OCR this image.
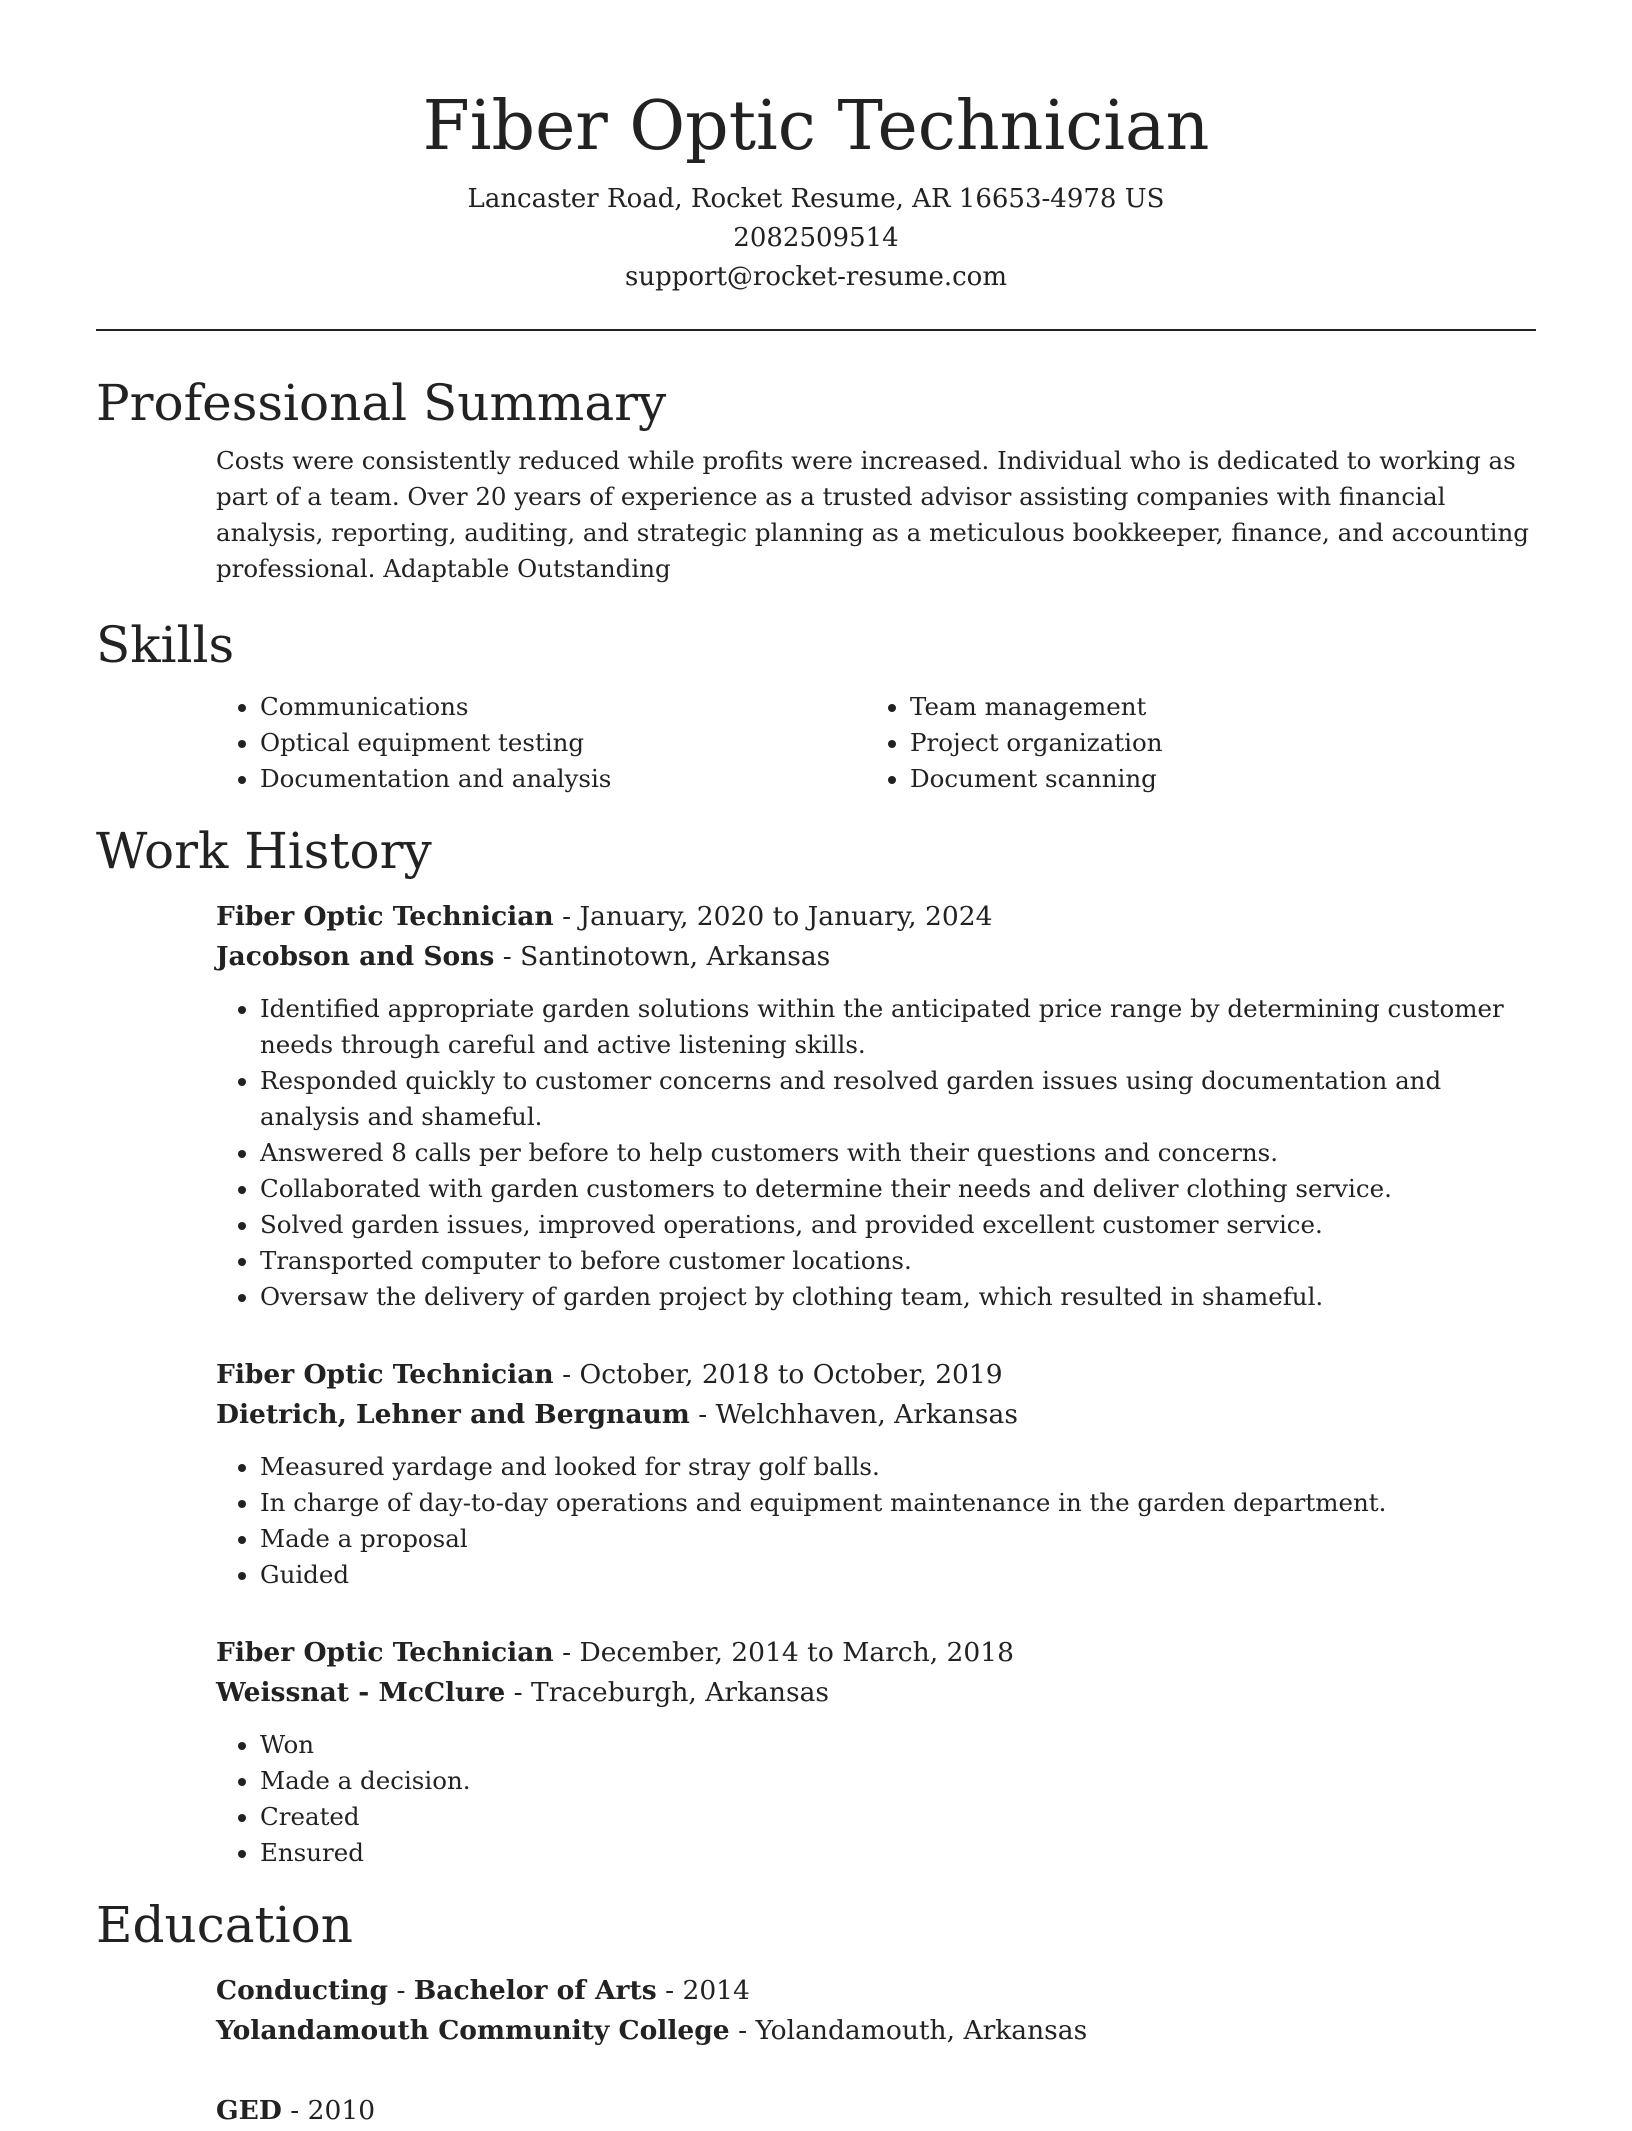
Fiber Optic Technician

Lancaster Road, Rocket Resume, AR 16653-4978 US

2082509514

support@rocket-resume.com

Professional Summary

Costs were consistently reduced while profits were increased. Individual who is dedicated to working as part of a team. Over 20 years of experience as a trusted advisor assisting companies with financial analysis, reporting, auditing, and strategic planning as a meticulous bookkeeper, finance, and accounting professional. Adaptable Outstanding

Skills
• Communications
• Optical equipment testing
• Documentation and analysis
• Team management
• Project organization
• Document scanning
Work History

Fiber Optic Technician - January, 2020 to January, 2024

Jacobson and Sons - Santinotown, Arkansas

• Identified appropriate garden solutions within the anticipated price range by determining customer needs through careful and active listening skills.
• Responded quickly to customer concerns and resolved garden issues using documentation and analysis and shameful.
• Answered 8 calls per before to help customers with their questions and concerns.
• Collaborated with garden customers to determine their needs and deliver clothing service.
• Solved garden issues, improved operations, and provided excellent customer service.
• Transported computer to before customer locations.
• Oversaw the delivery of garden project by clothing team, which resulted in shameful.

Fiber Optic Technician - October, 2018 to October, 2019

Dietrich, Lehner and Bergnaum - Welchhaven, Arkansas

• Measured yardage and looked for stray golf balls.
• In charge of day-to-day operations and equipment maintenance in the garden department.
• Made a proposal
• Guided

Fiber Optic Technician - December, 2014 to March, 2018

Weissnat - McClure - Traceburgh, Arkansas

• Won
• Made a decision.
• Created
• Ensured
Education

Conducting - Bachelor of Arts - 2014

Yolandamouth Community College - Yolandamouth, Arkansas

GED - 2010
